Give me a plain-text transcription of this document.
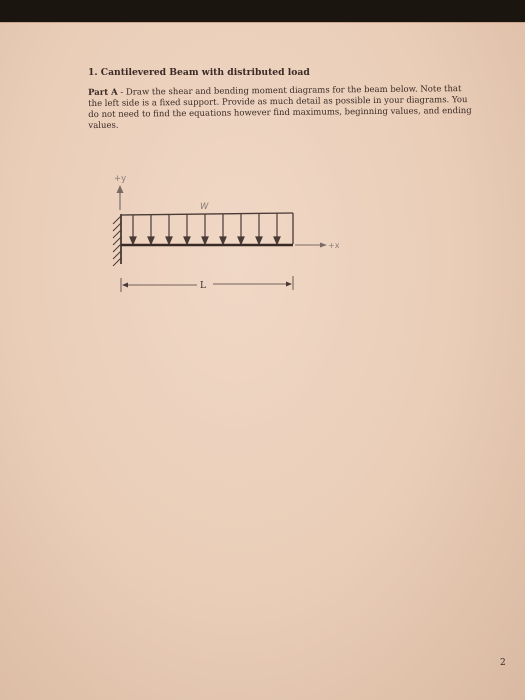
1. Cantilevered Beam with distributed load
Part A - Draw the shear and bending moment diagrams for the beam below. Note that
the left side is a fixed support. Provide as much detail as possible in your diagrams. You
do not need to find the equations however find maximums, beginning values, and ending
values.
+y
W
+x
L
2
